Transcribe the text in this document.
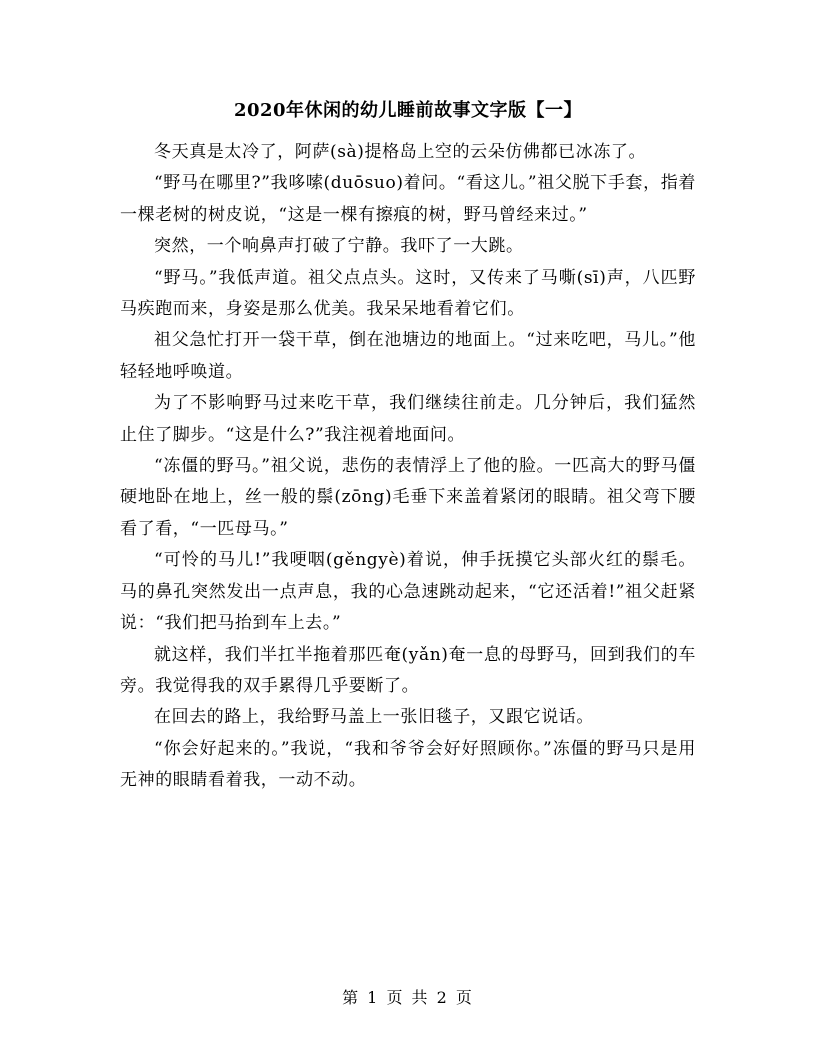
2020年休闲的幼儿睡前故事文字版【一】

冬天真是太冷了，阿萨(sà)提格岛上空的云朵仿佛都已冰冻了。

“野马在哪里?”我哆嗦(duōsuo)着问。“看这儿。”祖父脱下手套，指着一棵老树的树皮说，“这是一棵有擦痕的树，野马曾经来过。”

突然，一个响鼻声打破了宁静。我吓了一大跳。

“野马。”我低声道。祖父点点头。这时，又传来了马嘶(sī)声，八匹野马疾跑而来，身姿是那么优美。我呆呆地看着它们。

祖父急忙打开一袋干草，倒在池塘边的地面上。“过来吃吧，马儿。”他轻轻地呼唤道。

为了不影响野马过来吃干草，我们继续往前走。几分钟后，我们猛然止住了脚步。“这是什么?”我注视着地面问。

“冻僵的野马。”祖父说，悲伤的表情浮上了他的脸。一匹高大的野马僵硬地卧在地上，丝一般的鬃(zōng)毛垂下来盖着紧闭的眼睛。祖父弯下腰看了看，“一匹母马。”

“可怜的马儿!”我哽咽(gěngyè)着说，伸手抚摸它头部火红的鬃毛。马的鼻孔突然发出一点声息，我的心急速跳动起来，“它还活着!”祖父赶紧说：“我们把马抬到车上去。”

就这样，我们半扛半拖着那匹奄(yǎn)奄一息的母野马，回到我们的车旁。我觉得我的双手累得几乎要断了。

在回去的路上，我给野马盖上一张旧毯子，又跟它说话。

“你会好起来的。”我说，“我和爷爷会好好照顾你。”冻僵的野马只是用无神的眼睛看着我，一动不动。

第 1 页 共 2 页
